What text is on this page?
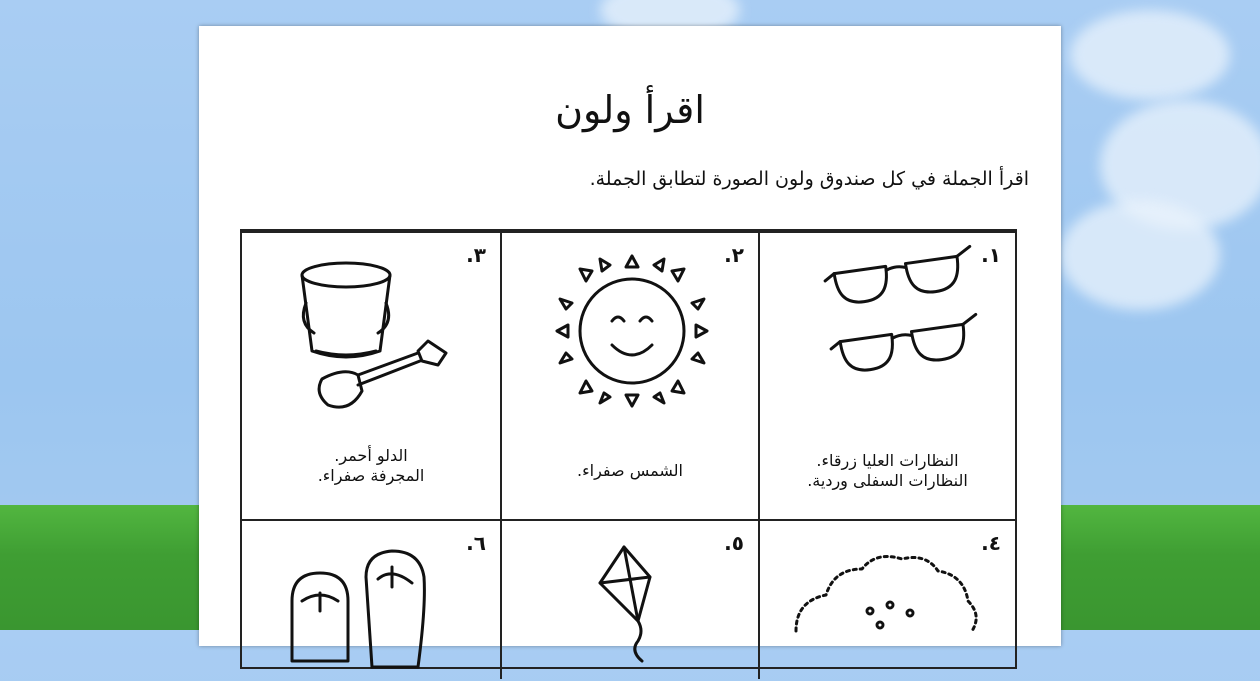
اقرأ ولون
اقرأ الجملة في كل صندوق ولون الصورة لتطابق الجملة.
١.
النظارات العليا زرقاء.
النظارات السفلى وردية.
٢.
الشمس صفراء.
٣.
الدلو أحمر.
المجرفة صفراء.
٤.
٥.
٦.
